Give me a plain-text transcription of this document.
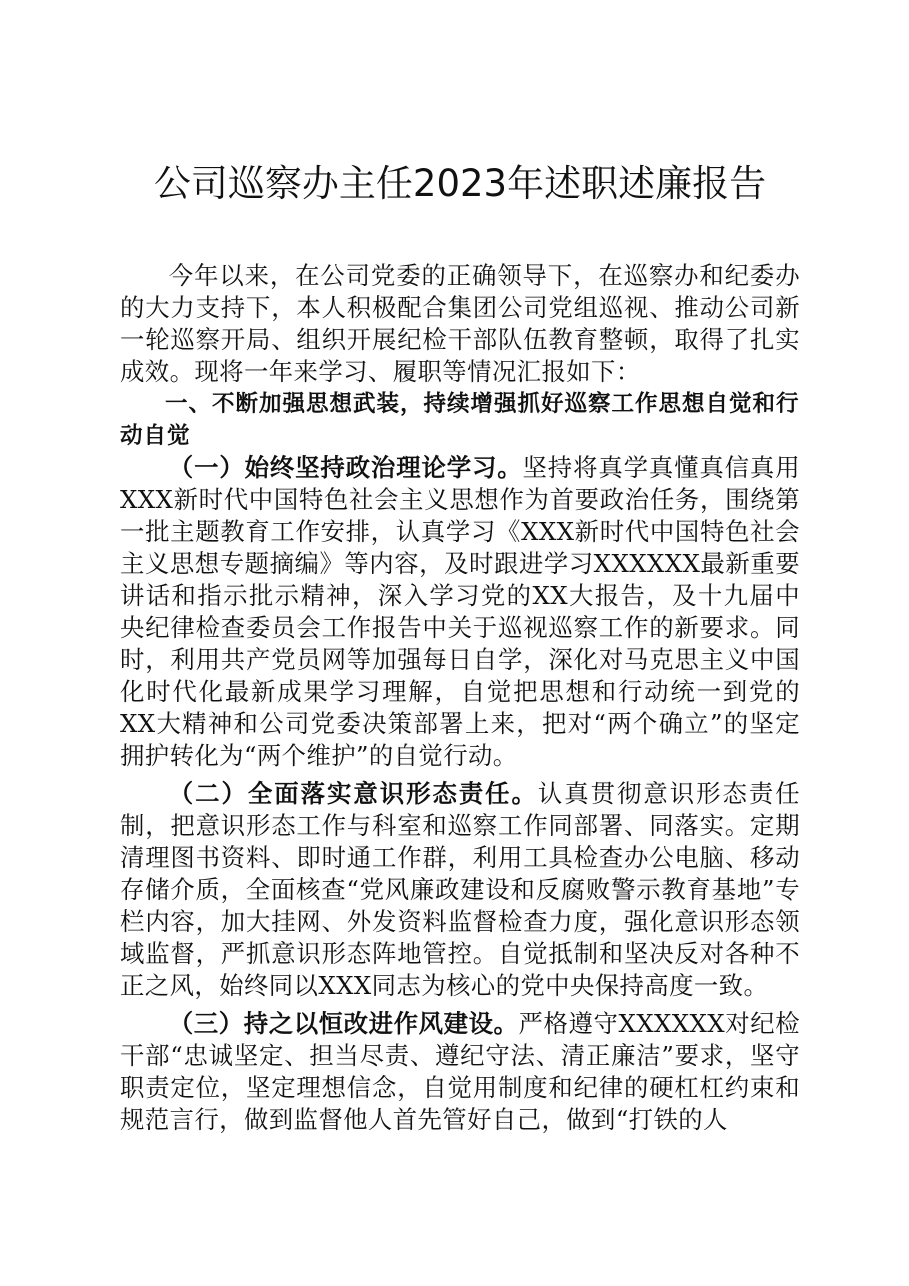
公司巡察办主任2023年述职述廉报告

今年以来，在公司党委的正确领导下，在巡察办和纪委办的大力支持下，本人积极配合集团公司党组巡视、推动公司新一轮巡察开局、组织开展纪检干部队伍教育整顿，取得了扎实成效。现将一年来学习、履职等情况汇报如下：

一、不断加强思想武装，持续增强抓好巡察工作思想自觉和行动自觉

（一）始终坚持政治理论学习。坚持将真学真懂真信真用XXX新时代中国特色社会主义思想作为首要政治任务，围绕第一批主题教育工作安排，认真学习《XXX新时代中国特色社会主义思想专题摘编》等内容，及时跟进学习XXXXXX最新重要讲话和指示批示精神，深入学习党的XX大报告，及十九届中央纪律检查委员会工作报告中关于巡视巡察工作的新要求。同时，利用共产党员网等加强每日自学，深化对马克思主义中国化时代化最新成果学习理解，自觉把思想和行动统一到党的XX大精神和公司党委决策部署上来，把对“两个确立”的坚定拥护转化为“两个维护”的自觉行动。

（二）全面落实意识形态责任。认真贯彻意识形态责任制，把意识形态工作与科室和巡察工作同部署、同落实。定期清理图书资料、即时通工作群，利用工具检查办公电脑、移动存储介质，全面核查“党风廉政建设和反腐败警示教育基地”专栏内容，加大挂网、外发资料监督检查力度，强化意识形态领域监督，严抓意识形态阵地管控。自觉抵制和坚决反对各种不正之风，始终同以XXX同志为核心的党中央保持高度一致。

（三）持之以恒改进作风建设。严格遵守XXXXXX对纪检干部“忠诚坚定、担当尽责、遵纪守法、清正廉洁”要求，坚守职责定位，坚定理想信念，自觉用制度和纪律的硬杠杠约束和规范言行，做到监督他人首先管好自己，做到“打铁的人
